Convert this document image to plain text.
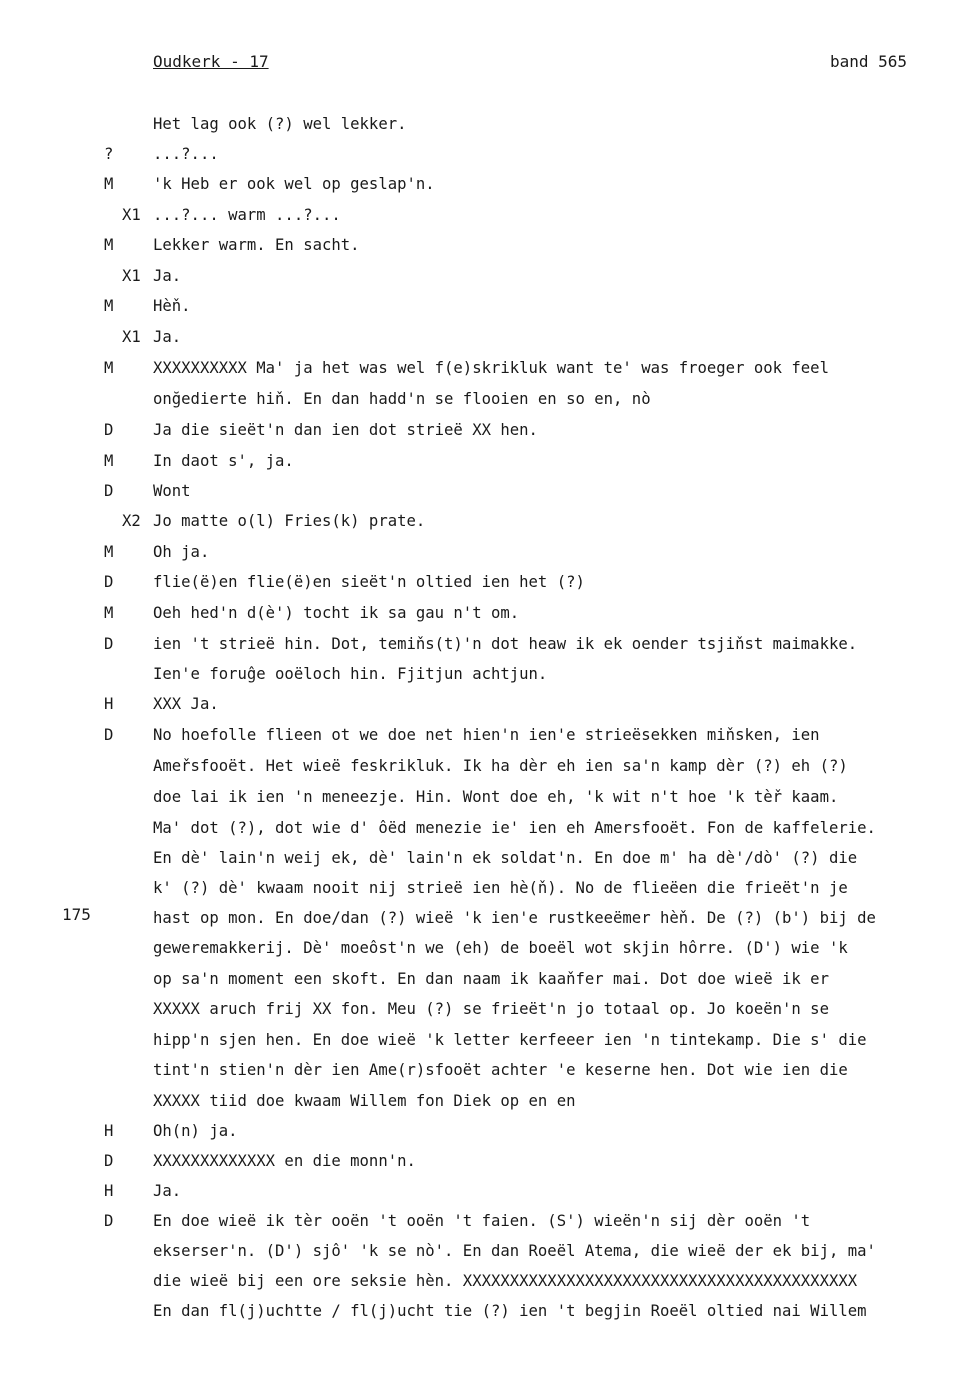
Oudkerk - 17	band 565
175
Het lag ook (?) wel lekker.
?	...?...
M	'k Heb er ook wel op geslap'n.
X1 ...?... warm ...?...
M	Lekker warm. En sacht.
X1 Ja.
M	Hèň.
X1 Ja.
M	XXXXXXXXXX Ma' ja het was wel f(e)skrikluk want te' was froeger ook feel
onğedierte hiň. En dan hadd'n se flooien en so en, nò
D	Ja die sieët'n dan ien dot strieë XX hen.
M	In daot s', ja.
D	Wont
X2 Jo matte o(l) Fries(k) prate.
M	Oh ja.
D	flie(ë)en flie(ë)en sieët'n oltied ien het (?)
M	Oeh hed'n d(è') tocht ik sa gau n't om.
D	ien 't strieë hin. Dot, temiňs(t)'n dot heaw ik ek oender tsjiňst maimakke.
Ien'e foruĝe ooëloch hin. Fjitjun achtjun.
H	XXX Ja.
D	No hoefolle flieen ot we doe net hien'n ien'e strieësekken miňsken, ien
Ameřsfooët. Het wieë feskrikluk. Ik ha dèr eh ien sa'n kamp dèr (?) eh (?)
doe lai ik ien 'n meneezje. Hin. Wont doe eh, 'k wit n't hoe 'k tèř kaam.
Ma' dot (?), dot wie d' ôëd menezie ie' ien eh Amersfooët. Fon de kaffelerie.
En dè' lain'n weij ek, dè' lain'n ek soldat'n. En doe m' ha dè'/dò' (?) die
k' (?) dè' kwaam nooit nij strieë ien hè(ň). No de flieëen die frieët'n je
hast op mon. En doe/dan (?) wieë 'k ien'e rustkeeëmer hèň. De (?) (b') bij de
geweremakkerij. Dè' moeôst'n we (eh) de boeël wot skjin hôrre. (D') wie 'k
op sa'n moment een skoft. En dan naam ik kaaňfer mai. Dot doe wieë ik er
XXXXX aruch frij XX fon. Meu (?) se frieët'n jo totaal op. Jo koeën'n se
hipp'n sjen hen. En doe wieë 'k letter kerfeeer ien 'n tintekamp. Die s' die
tint'n stien'n dèr ien Ame(r)sfooët achter 'e keserne hen. Dot wie ien die
XXXXX tiid doe kwaam Willem fon Diek op en en
H	Oh(n) ja.
D	XXXXXXXXXXXXX en die monn'n.
H	Ja.
D	En doe wieë ik tèr ooën 't ooën 't faien. (S') wieën'n sij dèr ooën 't
ekserser'n. (D') sjô' 'k se nò'. En dan Roeël Atema, die wieë der ek bij, ma'
die wieë bij een ore seksie hèn. XXXXXXXXXXXXXXXXXXXXXXXXXXXXXXXXXXXXXXXXXX
En dan fl(j)uchtte / fl(j)ucht tie (?) ien 't begjin Roeël oltied nai Willem
